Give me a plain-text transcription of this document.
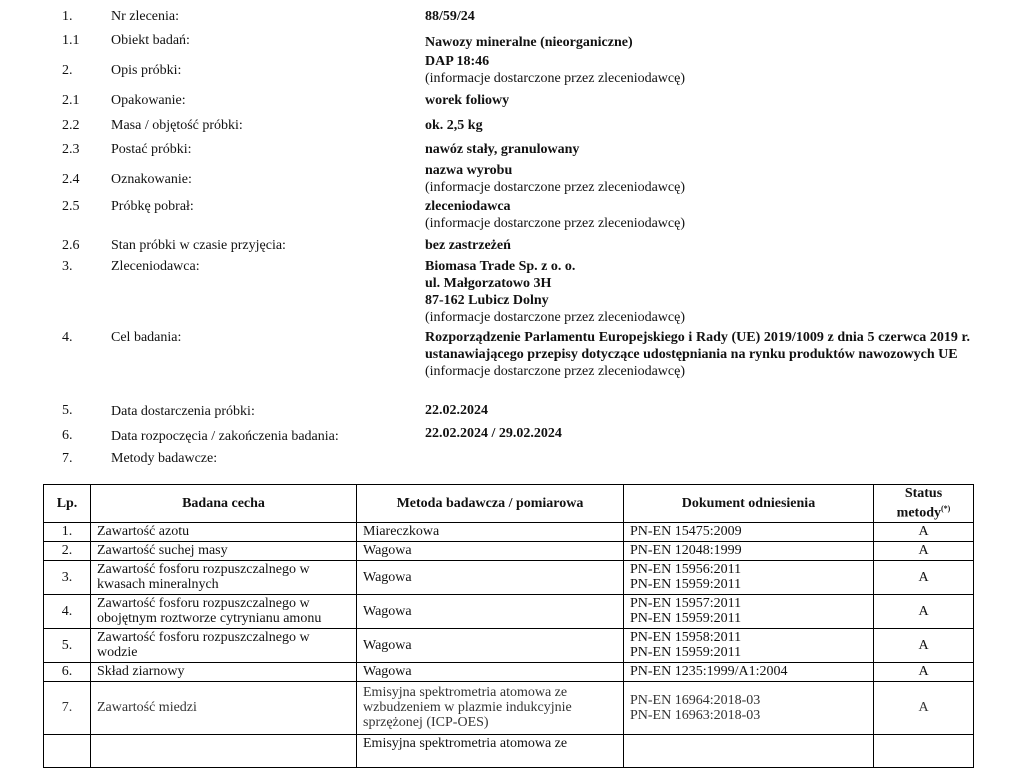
1.	Nr zlecenia:	88/59/24
1.1 Obiekt badań:	Nawozy mineralne (nieorganiczne)
2.	Opis próbki:
DAP 18:46
(informacje dostarczone przez zleceniodawcę)
2.1 Opakowanie:	worek foliowy
2.2 Masa / objętość próbki:	ok. 2,5 kg
2.3 Postać próbki:	nawóz stały, granulowany
2.4 Oznakowanie:
nazwa wyrobu
(informacje dostarczone przez zleceniodawcę)
2.5 Próbkę pobrał:	zleceniodawca
(informacje dostarczone przez zleceniodawcę)
2.6 Stan próbki w czasie przyjęcia:	bez zastrzeżeń
3.	Zleceniodawca:	Biomasa Trade Sp. z o. o.
ul. Małgorzatowo 3H
87-162 Lubicz Dolny
(informacje dostarczone przez zleceniodawcę)
4.	Cel badania:	Rozporządzenie Parlamentu Europejskiego i Rady (UE) 2019/1009 z dnia 5 czerwca 2019 r. ustanawiającego przepisy dotyczące udostępniania na rynku produktów nawozowych UE
(informacje dostarczone przez zleceniodawcę)
5.	Data dostarczenia próbki:	22.02.2024
6.	Data rozpoczęcia / zakończenia badania:	22.02.2024 / 29.02.2024
7.	Metody badawcze:
Lp.	Badana cecha	Metoda badawcza / pomiarowa	Dokument odniesienia	Status metody(*)
1.	Zawartość azotu	Miareczkowa	PN-EN 15475:2009	A
2.	Zawartość suchej masy	Wagowa	PN-EN 12048:1999	A
3.	Zawartość fosforu rozpuszczalnego w kwasach mineralnych	Wagowa	PN-EN 15956:2011
PN-EN 15959:2011	A
4.	Zawartość fosforu rozpuszczalnego w obojętnym roztworze cytrynianu amonu	Wagowa	PN-EN 15957:2011
PN-EN 15959:2011	A
5.	Zawartość fosforu rozpuszczalnego w wodzie	Wagowa	PN-EN 15958:2011
PN-EN 15959:2011	A
6.	Skład ziarnowy	Wagowa	PN-EN 1235:1999/A1:2004	A
7.	Zawartość miedzi	Emisyjna spektrometria atomowa ze wzbudzeniem w plazmie indukcyjnie sprzężonej (ICP-OES)	PN-EN 16964:2018-03
PN-EN 16963:2018-03	A
		Emisyjna spektrometria atomowa ze		
